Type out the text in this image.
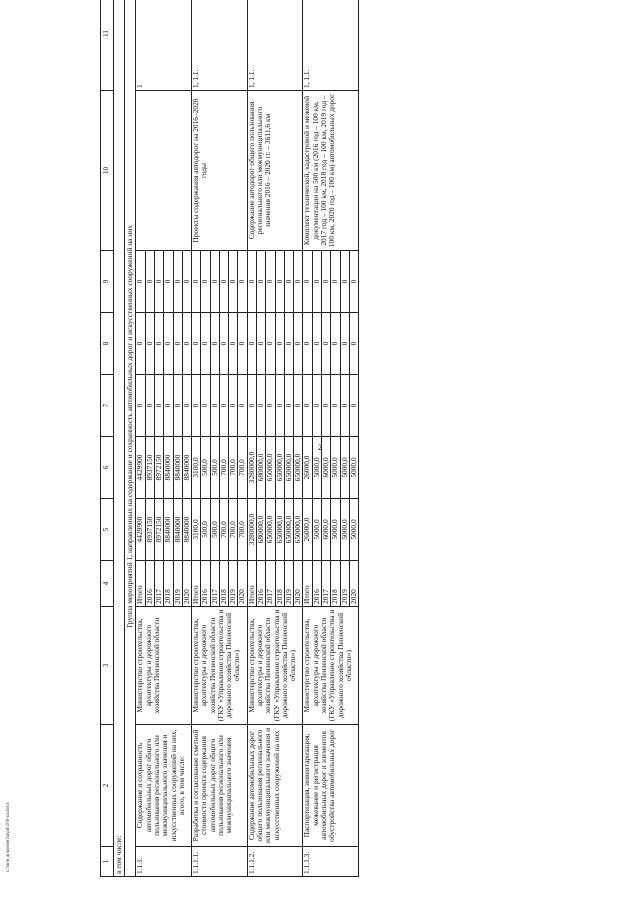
2
1	2	3	4	5	6	7	8	9	10	11
в том числе:										
Группа мероприятий 1, направленных на содержание и сохранность автомобильных дорог и искусственных сооружений на них										
1.1.1.	Содержание и сохранность автомобильных дорог общего пользования регионального или межмуниципального значения и искусственных сооружений на них, всего, в том числе:	Министерство строительства, архитектуры и дорожного хозяйства Пензенской области	Итого	4429900	4429900	0	0	0		1
			2016	8937150	8937150	0	0	0		
			2017	8972150	8972150	0	0	0		
			2018	8840000	8840000	0	0	0		
			2019	8840000	8840000	0	0	0		
			2020	8840000	8840000	0	0	0		
1.1.1.1.	Разработка и согласование сметной стоимости проекта содержания автомобильных дорог общего пользования регионального или межмуниципального значения	Министерство строительства, архитектуры и дорожного хозяйства Пензенской области (ГКУ «Управление строительства и дорожного хозяйства Пензенской области»)	Итого	3100,0	3100,0	0	0	0	Проекты содержания автодорог на 2016–2020 годы	1, 1.1.
			2016	500,0	500,0	0	0	0		
			2017	500,0	500,0	0	0	0		
			2018	700,0	700,0	0	0	0		
			2019	700,0	700,0	0	0	0		
			2020	700,0	700,0	0	0	0		
1.1.1.2.	Содержание автомобильных дорог общего пользования регионального или межмуниципального значения и искусственных сооружений на них	Министерство строительства, архитектуры и дорожного хозяйства Пензенской области (ГКУ «Управление строительства и дорожного хозяйства Пензенской области»)	Итого	3280000,0	3280000,0	0	0	0	Содержание автодорог общего пользования регионального или межмуниципального значения 2016 – 2020 гг. – 3611,6 км	1, 1.1.
			2016	680000,0	680000,0	0	0	0		
			2017	650000,0	650000,0	0	0	0		
			2018	650000,0	650000,0	0	0	0		
			2019	650000,0	650000,0	0	0	0		
			2020	650000,0	650000,0	0	0	0		
1.1.1.3.	Паспортизация, инвентаризация, межевание и регистрация автомобильных дорог и элементов обустройства автомобильных дорог	Министерство строительства, архитектуры и дорожного хозяйства Пензенской области (ГКУ «Управление строительства и дорожного хозяйства Пензенской области»)	Итого	26000,0	26000,0	0	0	0	Комплект технической, кадастровой и межевой документации на 500 км (2016 год – 100 км, 2017 год – 100 км, 2018 год – 100 км, 2019 год – 100 км, 2020 год – 100 км) автомобильных дорог	1, 1.1.
			2016	5000,0	5000,0	0	0	0		
			2017	6000,0	6000,0	0	0	0		
			2018	5000,0	5000,0	0	0	0		
			2019	5000,0	5000,0	0	0	0		
			2020	5000,0	5000,0	0	0	0		
c:\мои документы\pd\100-ш.docx
